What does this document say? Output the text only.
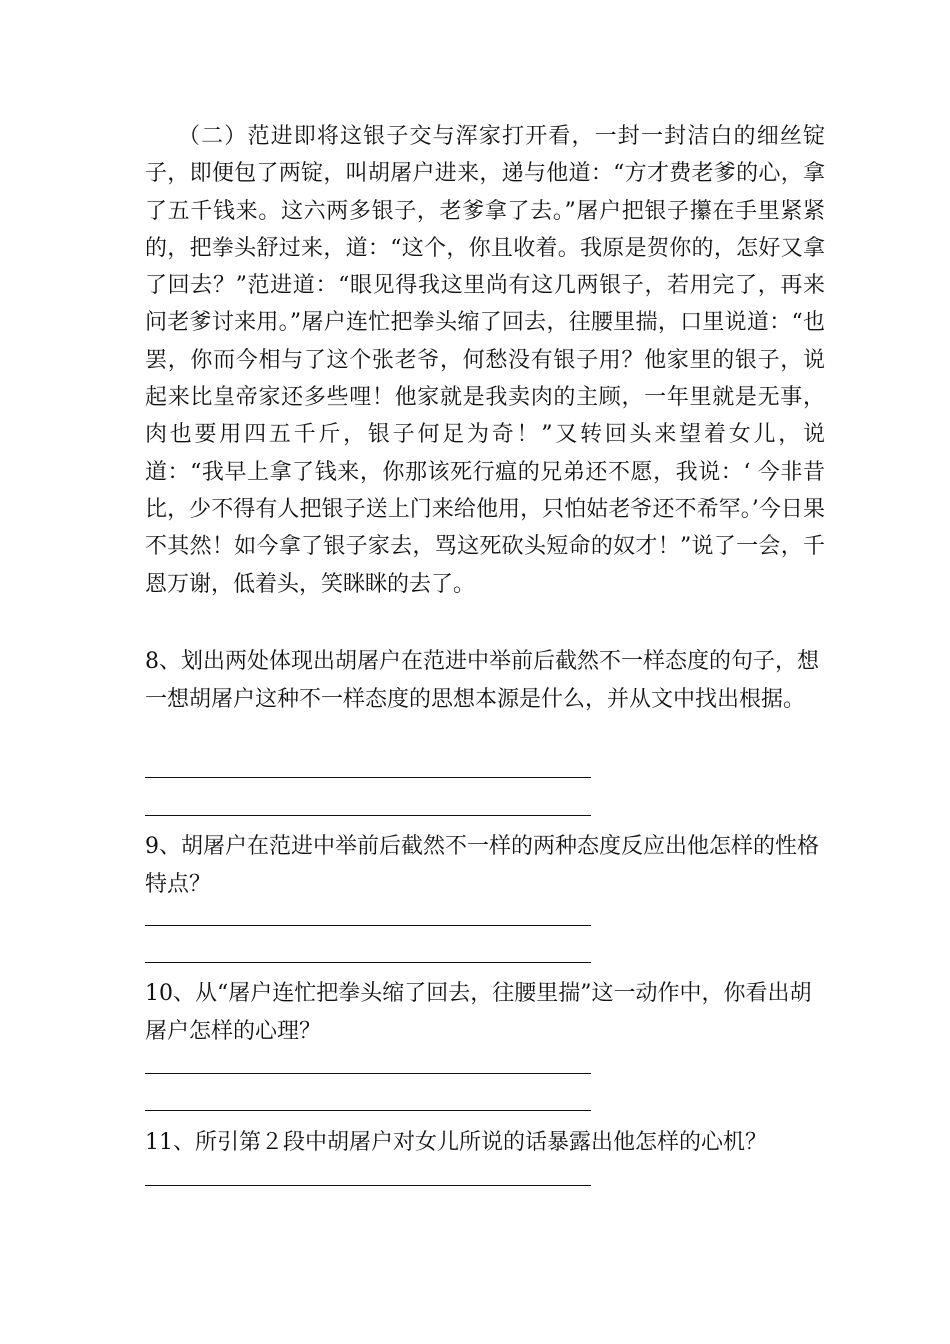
（二）范进即将这银子交与浑家打开看，一封一封洁白的细丝锭子，即便包了两锭，叫胡屠户进来，递与他道：“方才费老爹的心，拿了五千钱来。这六两多银子，老爹拿了去。”屠户把银子攥在手里紧紧的，把拳头舒过来，道：“这个，你且收着。我原是贺你的，怎好又拿了回去？”范进道：“眼见得我这里尚有这几两银子，若用完了，再来问老爹讨来用。”屠户连忙把拳头缩了回去，往腰里揣，口里说道：“也罢，你而今相与了这个张老爷，何愁没有银子用？他家里的银子，说起来比皇帝家还多些哩！他家就是我卖肉的主顾，一年里就是无事，肉也要用四五千斤，银子何足为奇！”又转回头来望着女儿，说道：“我早上拿了钱来，你那该死行瘟的兄弟还不愿，我说：‘ 今非昔比，少不得有人把银子送上门来给他用，只怕姑老爷还不希罕。’今日果不其然！如今拿了银子家去，骂这死砍头短命的奴才！”说了一会，千恩万谢，低着头，笑眯眯的去了。

8、划出两处体现出胡屠户在范进中举前后截然不一样态度的句子，想一想胡屠户这种不一样态度的思想本源是什么，并从文中找出根据。

9、胡屠户在范进中举前后截然不一样的两种态度反应出他怎样的性格特点？

10、从“屠户连忙把拳头缩了回去，往腰里揣”这一动作中，你看出胡屠户怎样的心理？

11、所引第２段中胡屠户对女儿所说的话暴露出他怎样的心机？
